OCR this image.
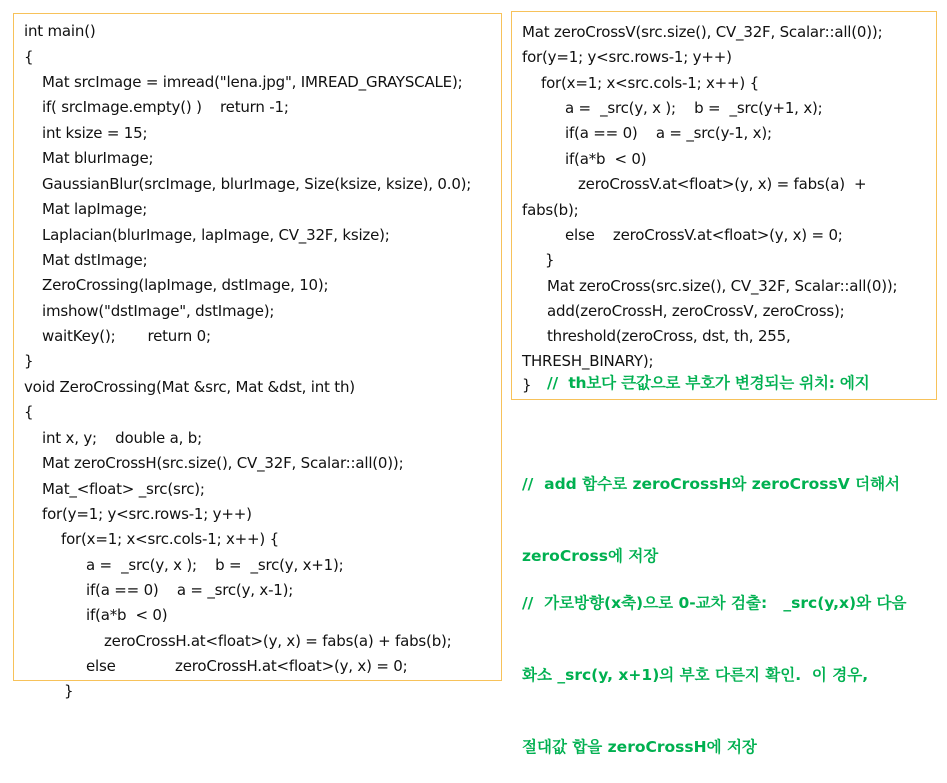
int main()
{
Mat srcImage = imread("lena.jpg", IMREAD_GRAYSCALE);
if( srcImage.empty() )    return -1;
int ksize = 15;
Mat blurImage;
GaussianBlur(srcImage, blurImage, Size(ksize, ksize), 0.0);
Mat lapImage;
Laplacian(blurImage, lapImage, CV_32F, ksize);
Mat dstImage;
ZeroCrossing(lapImage, dstImage, 10);
imshow("dstImage", dstImage);
waitKey();       return 0;
}
void ZeroCrossing(Mat &src, Mat &dst, int th)
{
int x, y;    double a, b;
Mat zeroCrossH(src.size(), CV_32F, Scalar::all(0));
Mat_<float> _src(src);
for(y=1; y<src.rows-1; y++)
for(x=1; x<src.cols-1; x++) {
a =  _src(y, x );    b =  _src(y, x+1);
if(a == 0)    a = _src(y, x-1);
if(a*b  < 0)
zeroCrossH.at<float>(y, x) = fabs(a) + fabs(b);
else             zeroCrossH.at<float>(y, x) = 0;
}
Mat zeroCrossV(src.size(), CV_32F, Scalar::all(0));
for(y=1; y<src.rows-1; y++)
for(x=1; x<src.cols-1; x++) {
a =  _src(y, x );    b =  _src(y+1, x);
if(a == 0)    a = _src(y-1, x);
if(a*b  < 0)
zeroCrossV.at<float>(y, x) = fabs(a)  +
fabs(b);
else    zeroCrossV.at<float>(y, x) = 0;
}
Mat zeroCross(src.size(), CV_32F, Scalar::all(0));
add(zeroCrossH, zeroCrossV, zeroCross);
threshold(zeroCross, dst, th, 255,
THRESH_BINARY);
} //  th보다 큰값으로 부호가 변경되는 위치: 에지

//  add 함수로 zeroCrossH와 zeroCrossV 더해서

zeroCross에 저장

//  가로방향(x축)으로 0-교차 검출:   _src(y,x)와 다음

화소 _src(y, x+1)의 부호 다른지 확인.  이 경우,

절대값 합을 zeroCrossH에 저장
